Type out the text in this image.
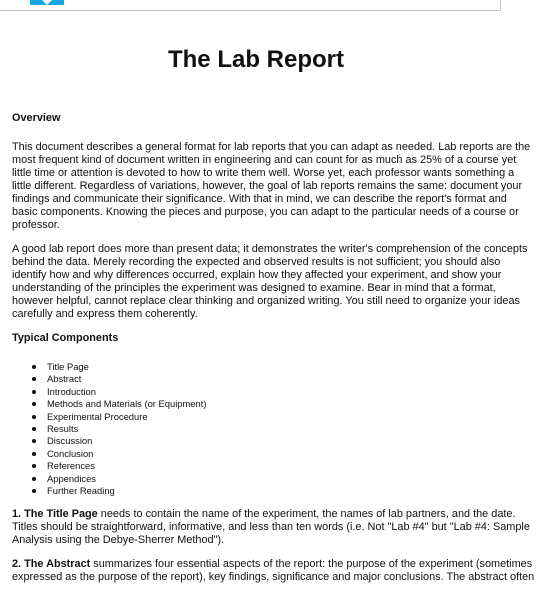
The Lab Report
Overview

This document describes a general format for lab reports that you can adapt as needed. Lab reports are the most frequent kind of document written in engineering and can count for as much as 25% of a course yet little time or attention is devoted to how to write them well. Worse yet, each professor wants something a little different. Regardless of variations, however, the goal of lab reports remains the same: document your findings and communicate their significance. With that in mind, we can describe the report's format and basic components. Knowing the pieces and purpose, you can adapt to the particular needs of a course or professor.

A good lab report does more than present data; it demonstrates the writer's comprehension of the concepts behind the data. Merely recording the expected and observed results is not sufficient; you should also identify how and why differences occurred, explain how they affected your experiment, and show your understanding of the principles the experiment was designed to examine. Bear in mind that a format, however helpful, cannot replace clear thinking and organized writing. You still need to organize your ideas carefully and express them coherently.

Typical Components
Title Page
Abstract
Introduction
Methods and Materials (or Equipment)
Experimental Procedure
Results
Discussion
Conclusion
References
Appendices
Further Reading

1. The Title Page needs to contain the name of the experiment, the names of lab partners, and the date. Titles should be straightforward, informative, and less than ten words (i.e. Not "Lab #4" but "Lab #4: Sample Analysis using the Debye-Sherrer Method").

2. The Abstract summarizes four essential aspects of the report: the purpose of the experiment (sometimes expressed as the purpose of the report), key findings, significance and major conclusions. The abstract often
